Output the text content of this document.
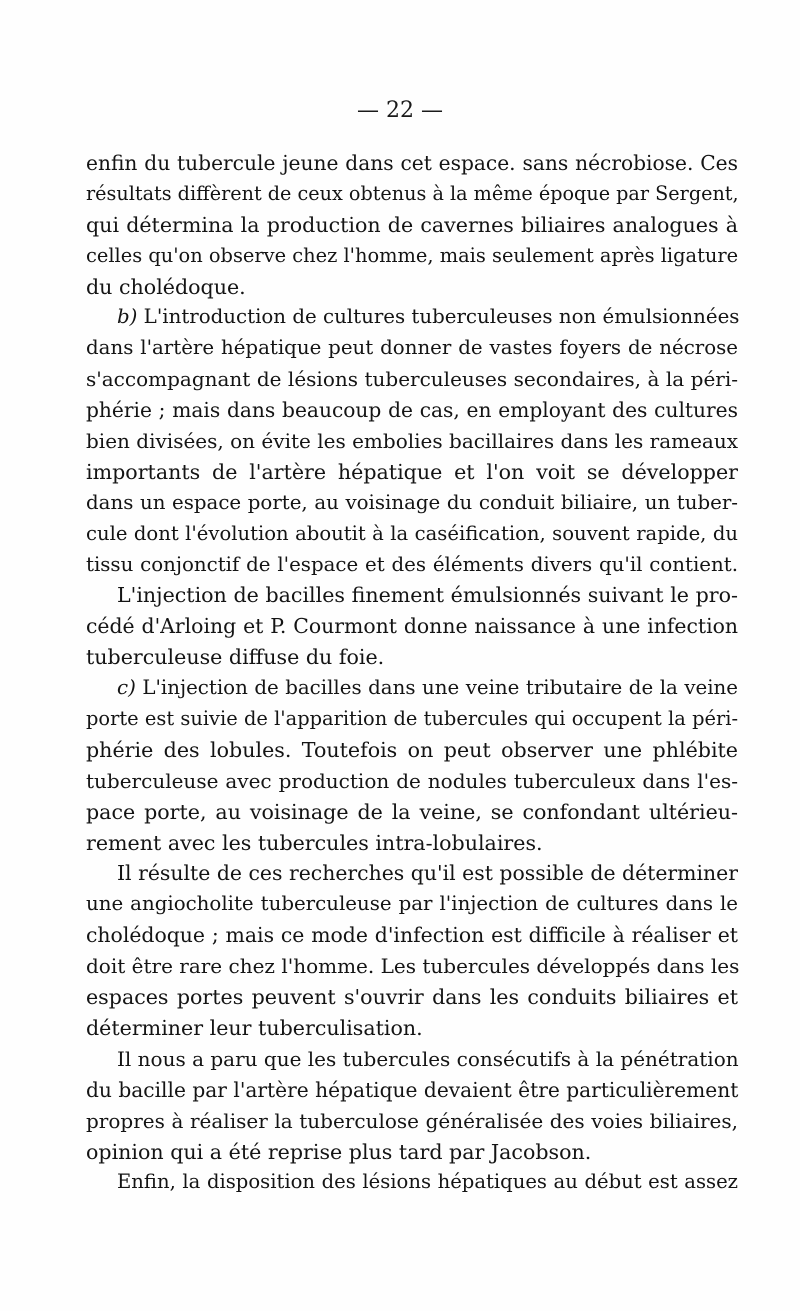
— 22 —
enfin du tubercule jeune dans cet espace. sans nécrobiose. Ces
résultats diffèrent de ceux obtenus à la même époque par Sergent,
qui détermina la production de cavernes biliaires analogues à
celles qu'on observe chez l'homme, mais seulement après ligature
du cholédoque.
b) L'introduction de cultures tuberculeuses non émulsionnées
dans l'artère hépatique peut donner de vastes foyers de nécrose
s'accompagnant de lésions tuberculeuses secondaires, à la péri-
phérie ; mais dans beaucoup de cas, en employant des cultures
bien divisées, on évite les embolies bacillaires dans les rameaux
importants de l'artère hépatique et l'on voit se développer
dans un espace porte, au voisinage du conduit biliaire, un tuber-
cule dont l'évolution aboutit à la caséification, souvent rapide, du
tissu conjonctif de l'espace et des éléments divers qu'il contient.
L'injection de bacilles finement émulsionnés suivant le pro-
cédé d'Arloing et P. Courmont donne naissance à une infection
tuberculeuse diffuse du foie.
c) L'injection de bacilles dans une veine tributaire de la veine
porte est suivie de l'apparition de tubercules qui occupent la péri-
phérie des lobules. Toutefois on peut observer une phlébite
tuberculeuse avec production de nodules tuberculeux dans l'es-
pace porte, au voisinage de la veine, se confondant ultérieu-
rement avec les tubercules intra-lobulaires.
Il résulte de ces recherches qu'il est possible de déterminer
une angiocholite tuberculeuse par l'injection de cultures dans le
cholédoque ; mais ce mode d'infection est difficile à réaliser et
doit être rare chez l'homme. Les tubercules développés dans les
espaces portes peuvent s'ouvrir dans les conduits biliaires et
déterminer leur tuberculisation.
Il nous a paru que les tubercules consécutifs à la pénétration
du bacille par l'artère hépatique devaient être particulièrement
propres à réaliser la tuberculose généralisée des voies biliaires,
opinion qui a été reprise plus tard par Jacobson.
Enfin, la disposition des lésions hépatiques au début est assez
